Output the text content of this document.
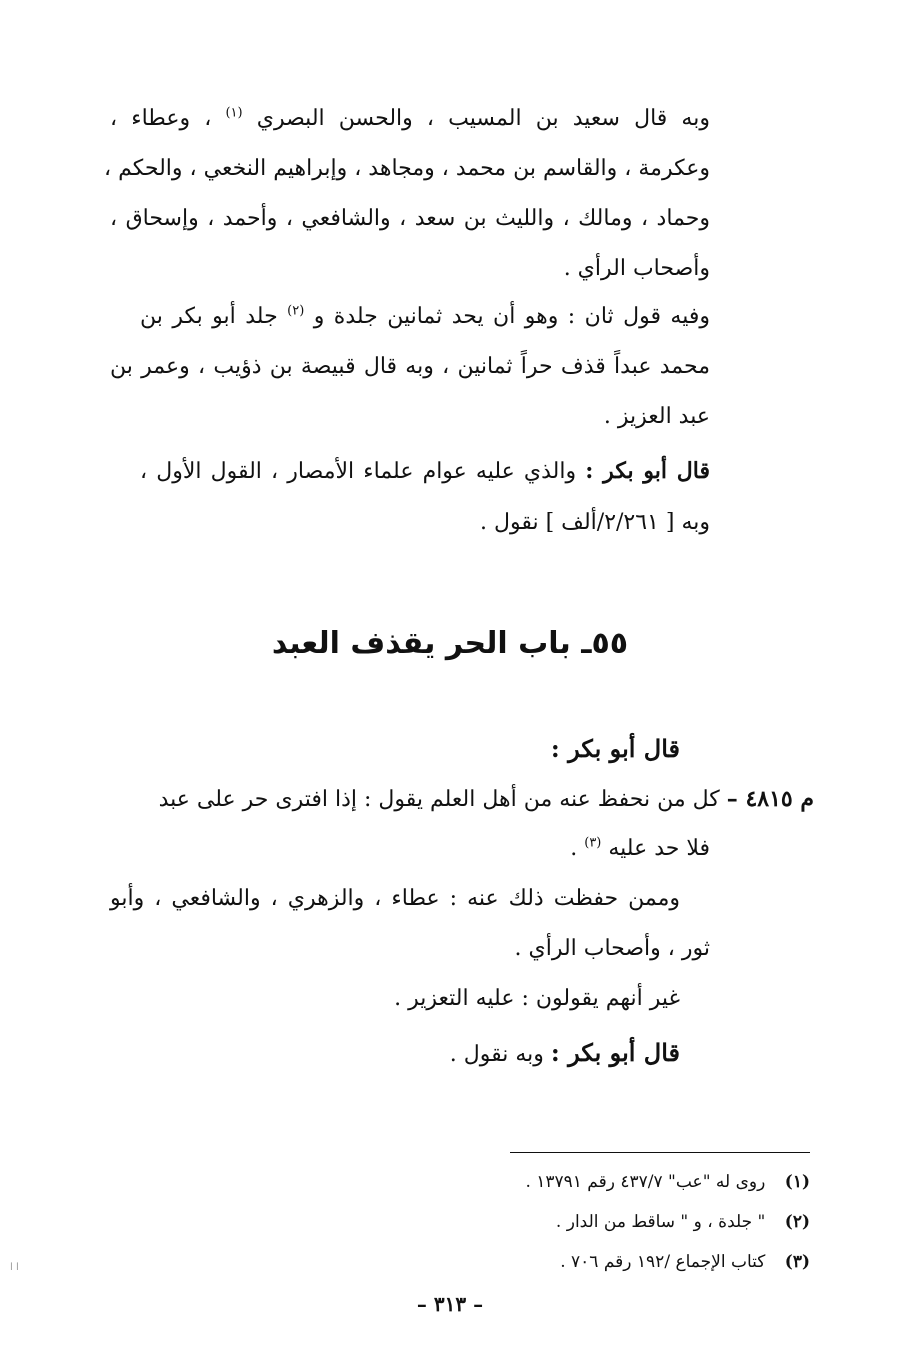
وبه قال سعيد بن المسيب ، والحسن البصري $^{(١)}$ ، وعطاء ،
وعكرمة ، والقاسم بن محمد ، ومجاهد ، وإبراهيم النخعي ، والحكم ،
وحماد ، ومالك ، والليث بن سعد ، والشافعي ، وأحمد ، وإسحاق ،
وأصحاب الرأي .
وفيه قول ثان : وهو أن يحد ثمانين جلدة و $^{(٢)}$ جلد أبو بكر بن
محمد عبداً قذف حراً ثمانين ، وبه قال قبيصة بن ذؤيب ، وعمر بن
عبد العزيز .
قال أبو بكر : والذي عليه عوام علماء الأمصار ، القول الأول ،
وبه [ ٢/٢٦١/ألف ] نقول .
٥٥ـ باب الحر يقذف العبد
قال أبو بكر :
م ٤٨١٥ – كل من نحفظ عنه من أهل العلم يقول : إذا افترى حر على عبد
فلا حد عليه $^{(٣)}$ .
وممن حفظت ذلك عنه : عطاء ، والزهري ، والشافعي ، وأبو
ثور ، وأصحاب الرأي .
غير أنهم يقولون : عليه التعزير .
قال أبو بكر : وبه نقول .
(١) روى له "عب" ٤٣٧/٧ رقم ١٣٧٩١ .
(٢) " جلدة ، و " ساقط من الدار .
(٣) كتاب الإجماع /١٩٢ رقم ٧٠٦ .
– ٣١٣ –
ا ا
